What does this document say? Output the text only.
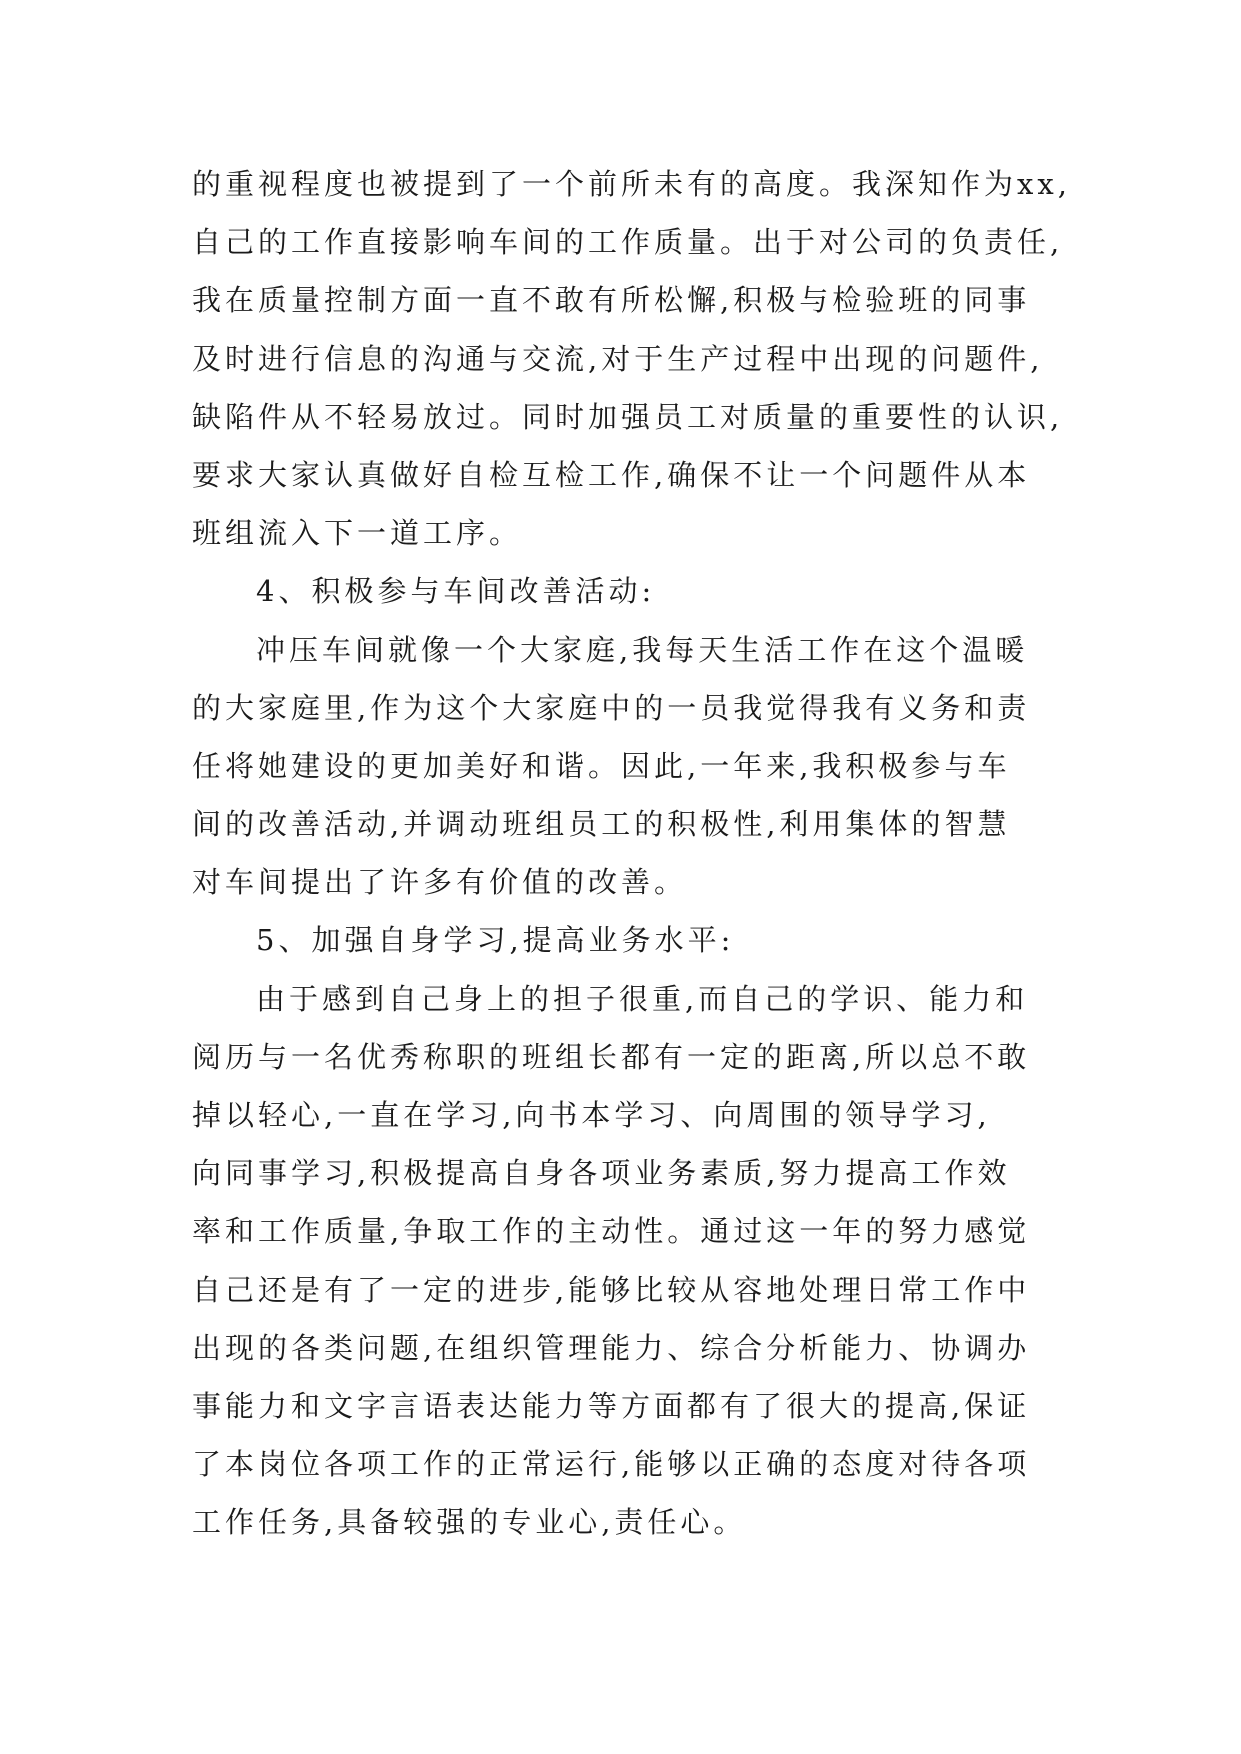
的重视程度也被提到了一个前所未有的高度。我深知作为xx,
自己的工作直接影响车间的工作质量。出于对公司的负责任,
我在质量控制方面一直不敢有所松懈,积极与检验班的同事
及时进行信息的沟通与交流,对于生产过程中出现的问题件,
缺陷件从不轻易放过。同时加强员工对质量的重要性的认识,
要求大家认真做好自检互检工作,确保不让一个问题件从本
班组流入下一道工序。
4、积极参与车间改善活动:
冲压车间就像一个大家庭,我每天生活工作在这个温暖
的大家庭里,作为这个大家庭中的一员我觉得我有义务和责
任将她建设的更加美好和谐。因此,一年来,我积极参与车
间的改善活动,并调动班组员工的积极性,利用集体的智慧
对车间提出了许多有价值的改善。
5、加强自身学习,提高业务水平:
由于感到自己身上的担子很重,而自己的学识、能力和
阅历与一名优秀称职的班组长都有一定的距离,所以总不敢
掉以轻心,一直在学习,向书本学习、向周围的领导学习,
向同事学习,积极提高自身各项业务素质,努力提高工作效
率和工作质量,争取工作的主动性。通过这一年的努力感觉
自己还是有了一定的进步,能够比较从容地处理日常工作中
出现的各类问题,在组织管理能力、综合分析能力、协调办
事能力和文字言语表达能力等方面都有了很大的提高,保证
了本岗位各项工作的正常运行,能够以正确的态度对待各项
工作任务,具备较强的专业心,责任心。
